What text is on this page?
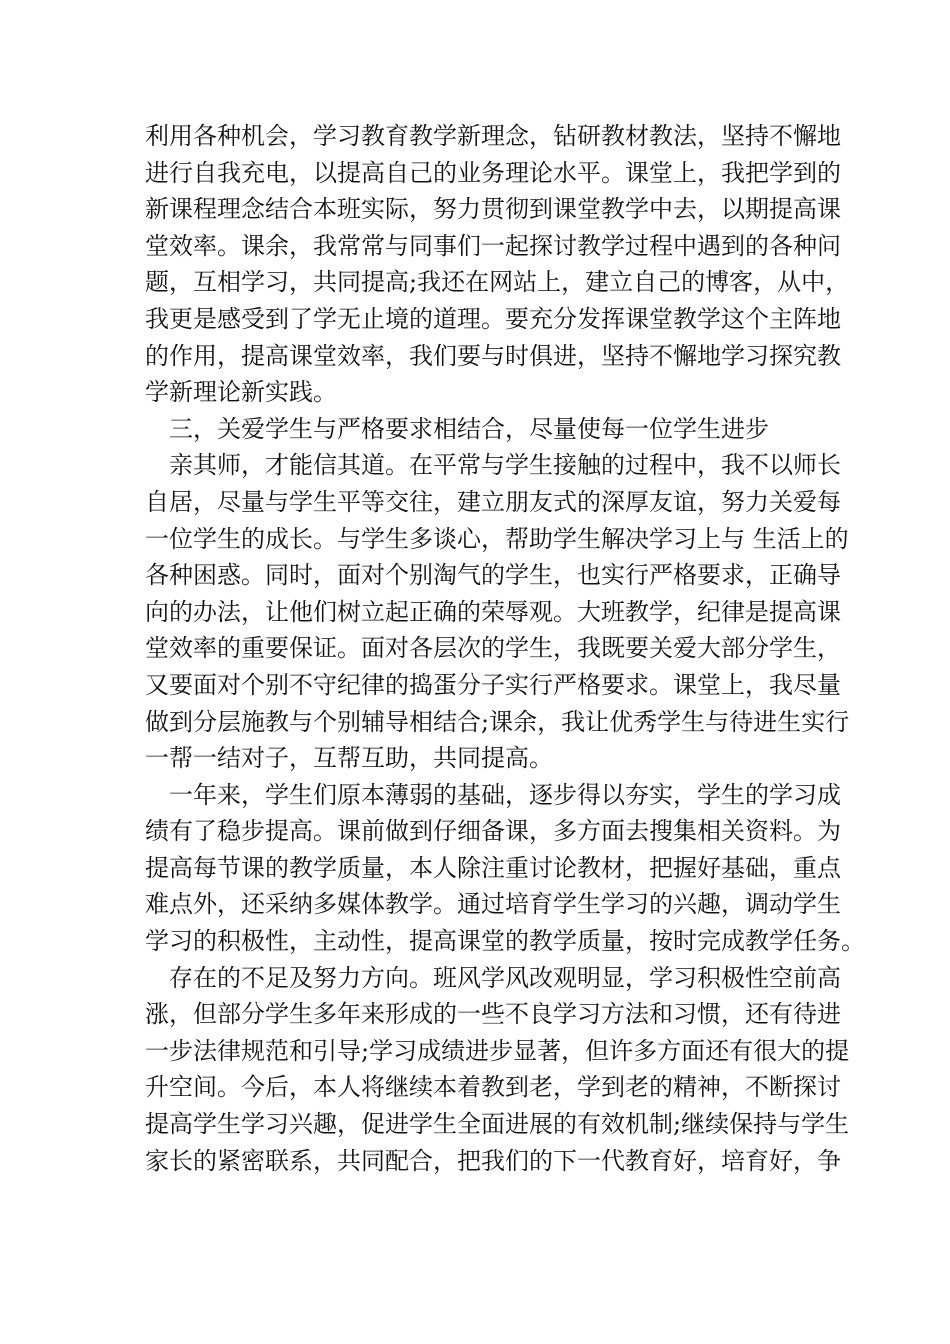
利用各种机会，学习教育教学新理念，钻研教材教法，坚持不懈地
进行自我充电，以提高自己的业务理论水平。课堂上，我把学到的
新课程理念结合本班实际，努力贯彻到课堂教学中去，以期提高课
堂效率。课余，我常常与同事们一起探讨教学过程中遇到的各种问
题，互相学习，共同提高;我还在网站上，建立自己的博客，从中，
我更是感受到了学无止境的道理。要充分发挥课堂教学这个主阵地
的作用，提高课堂效率，我们要与时俱进，坚持不懈地学习探究教
学新理论新实践。
三，关爱学生与严格要求相结合，尽量使每一位学生进步
亲其师，才能信其道。在平常与学生接触的过程中，我不以师长
自居，尽量与学生平等交往，建立朋友式的深厚友谊，努力关爱每
一位学生的成长。与学生多谈心，帮助学生解决学习上与 生活上的
各种困惑。同时，面对个别淘气的学生，也实行严格要求，正确导
向的办法，让他们树立起正确的荣辱观。大班教学，纪律是提高课
堂效率的重要保证。面对各层次的学生，我既要关爱大部分学生，
又要面对个别不守纪律的捣蛋分子实行严格要求。课堂上，我尽量
做到分层施教与个别辅导相结合;课余，我让优秀学生与待进生实行
一帮一结对子，互帮互助，共同提高。
一年来，学生们原本薄弱的基础，逐步得以夯实，学生的学习成
绩有了稳步提高。课前做到仔细备课，多方面去搜集相关资料。为
提高每节课的教学质量，本人除注重讨论教材，把握好基础，重点
难点外，还采纳多媒体教学。通过培育学生学习的兴趣，调动学生
学习的积极性，主动性，提高课堂的教学质量，按时完成教学任务。
存在的不足及努力方向。班风学风改观明显，学习积极性空前高
涨，但部分学生多年来形成的一些不良学习方法和习惯，还有待进
一步法律规范和引导;学习成绩进步显著，但许多方面还有很大的提
升空间。今后，本人将继续本着教到老，学到老的精神，不断探讨
提高学生学习兴趣，促进学生全面进展的有效机制;继续保持与学生
家长的紧密联系，共同配合，把我们的下一代教育好，培育好，争
